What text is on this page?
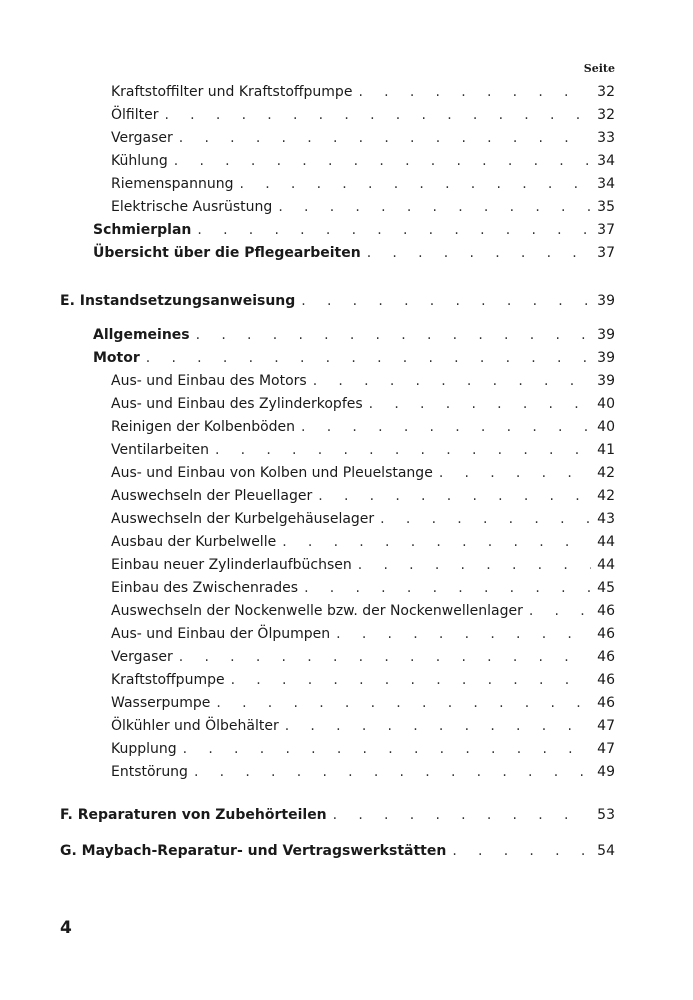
Seite
Kraftstoffilter und Kraftstoffpumpe . . .	32
Ölfilter . . .	32
Vergaser . . .	33
Kühlung . . .	34
Riemenspannung . . .	34
Elektrische Ausrüstung . . .	35
Schmierplan . . .	37
Übersicht über die Pflegearbeiten . . .	37
E. Instandsetzungsanweisung . . .	39
Allgemeines . . .	39
Motor . . .	39
Aus- und Einbau des Motors . . .	39
Aus- und Einbau des Zylinderkopfes . . .	40
Reinigen der Kolbenböden . . .	40
Ventilarbeiten . . .	41
Aus- und Einbau von Kolben und Pleuelstange . . .	42
Auswechseln der Pleuellager . . .	42
Auswechseln der Kurbelgehäuselager . . .	43
Ausbau der Kurbelwelle . . .	44
Einbau neuer Zylinderlaufbüchsen . . .	44
Einbau des Zwischenrades . . .	45
Auswechseln der Nockenwelle bzw. der Nockenwellenlager . . .	46
Aus- und Einbau der Ölpumpen . . .	46
Vergaser . . .	46
Kraftstoffpumpe . . .	46
Wasserpumpe . . .	46
Ölkühler und Ölbehälter . . .	47
Kupplung . . .	47
Entstörung . . .	49
F. Reparaturen von Zubehörteilen . . .	53
G. Maybach-Reparatur- und Vertragswerkstätten . . .	54
4
